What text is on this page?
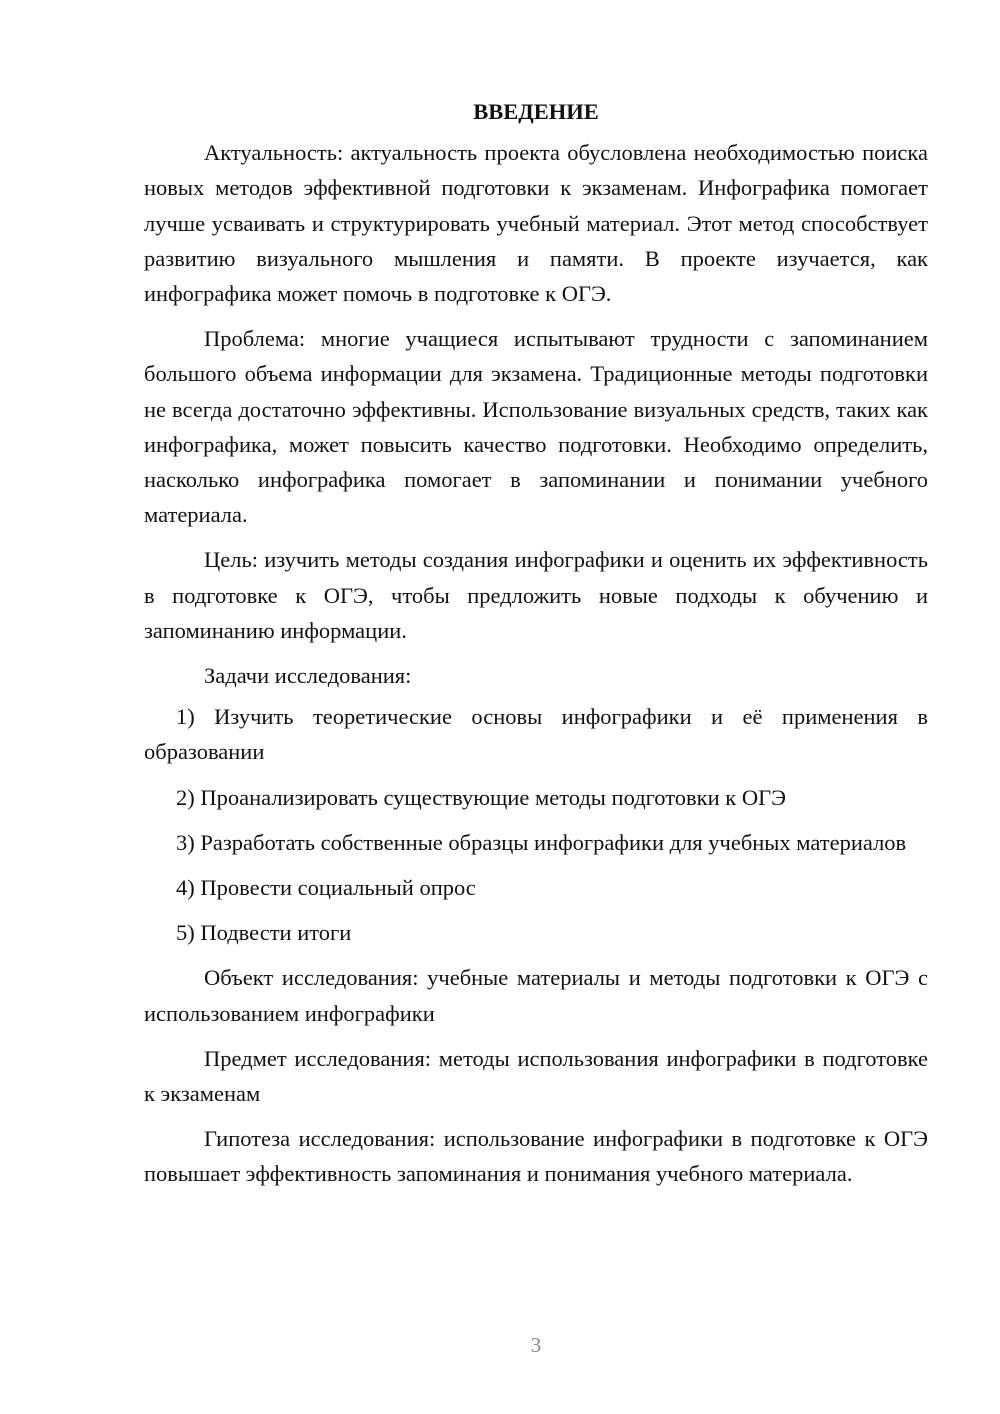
ВВЕДЕНИЕ

Актуальность: актуальность проекта обусловлена необходимостью поиска новых методов эффективной подготовки к экзаменам. Инфографика помогает лучше усваивать и структурировать учебный материал. Этот метод способствует развитию визуального мышления и памяти. В проекте изучается, как инфографика может помочь в подготовке к ОГЭ.

Проблема: многие учащиеся испытывают трудности с запоминанием большого объема информации для экзамена. Традиционные методы подготовки не всегда достаточно эффективны. Использование визуальных средств, таких как инфографика, может повысить качество подготовки. Необходимо определить, насколько инфографика помогает в запоминании и понимании учебного материала.

Цель: изучить методы создания инфографики и оценить их эффективность в подготовке к ОГЭ, чтобы предложить новые подходы к обучению и запоминанию информации.

Задачи исследования:

1) Изучить теоретические основы инфографики и её применения в образовании

2) Проанализировать существующие методы подготовки к ОГЭ

3) Разработать собственные образцы инфографики для учебных материалов

4) Провести социальный опрос

5) Подвести итоги

Объект исследования: учебные материалы и методы подготовки к ОГЭ с использованием инфографики

Предмет исследования: методы использования инфографики в подготовке к экзаменам

Гипотеза исследования: использование инфографики в подготовке к ОГЭ повышает эффективность запоминания и понимания учебного материала.

3
